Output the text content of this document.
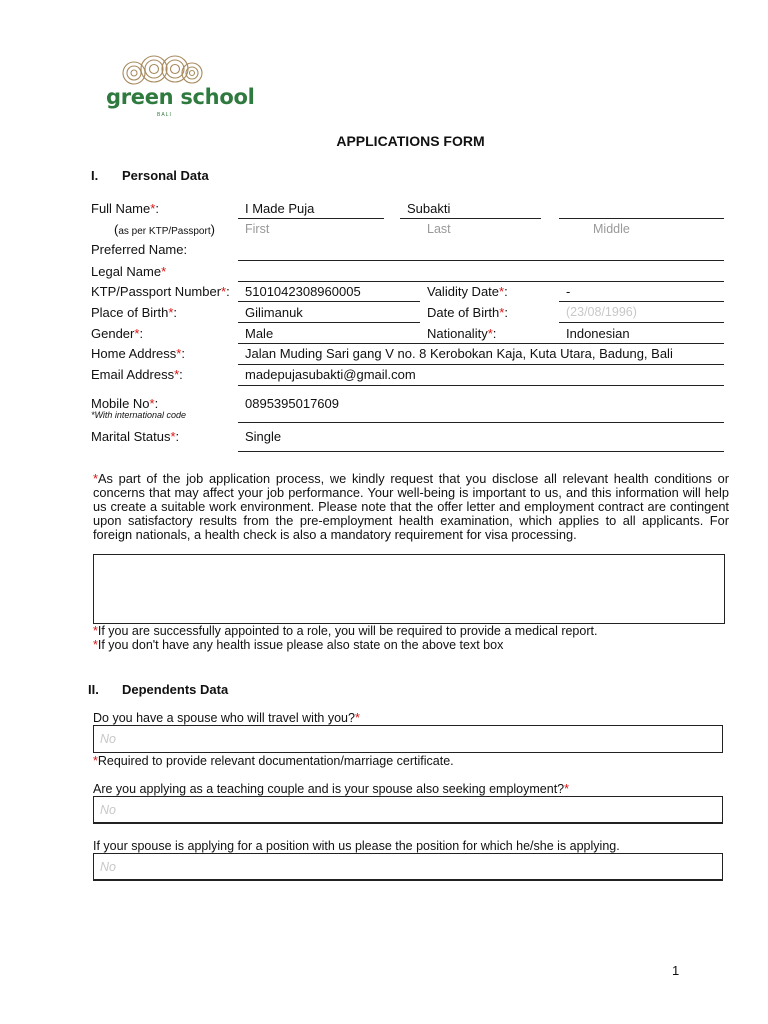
green school
BALI
APPLICATIONS FORM
I. Personal Data
Full Name*:	I Made Puja	Subakti
(as per KTP/Passport) First	Last	Middle
Preferred Name:
Legal Name*
KTP/Passport Number*: 5101042308960005	Validity Date*:	-
Place of Birth*:	Gilimanuk	Date of Birth*:	(23/08/1996)
Gender*:	Male	Nationality*:	Indonesian
Home Address*:	Jalan Muding Sari gang V no. 8 Kerobokan Kaja, Kuta Utara, Badung, Bali
Email Address*:	madepujasubakti@gmail.com
Mobile No*:
*With international code
0895395017609
Marital Status*:	Single
*As part of the job application process, we kindly request that you disclose all relevant health conditions or concerns that may affect your job performance. Your well-being is important to us, and this information will help us create a suitable work environment. Please note that the offer letter and employment contract are contingent upon satisfactory results from the pre-employment health examination, which applies to all applicants. For foreign nationals, a health check is also a mandatory requirement for visa processing.
*If you are successfully appointed to a role, you will be required to provide a medical report.
*If you don't have any health issue please also state on the above text box
II. Dependents Data
Do you have a spouse who will travel with you?*
No
*Required to provide relevant documentation/marriage certificate.
Are you applying as a teaching couple and is your spouse also seeking employment?*
No
If your spouse is applying for a position with us please the position for which he/she is applying.
No
1
